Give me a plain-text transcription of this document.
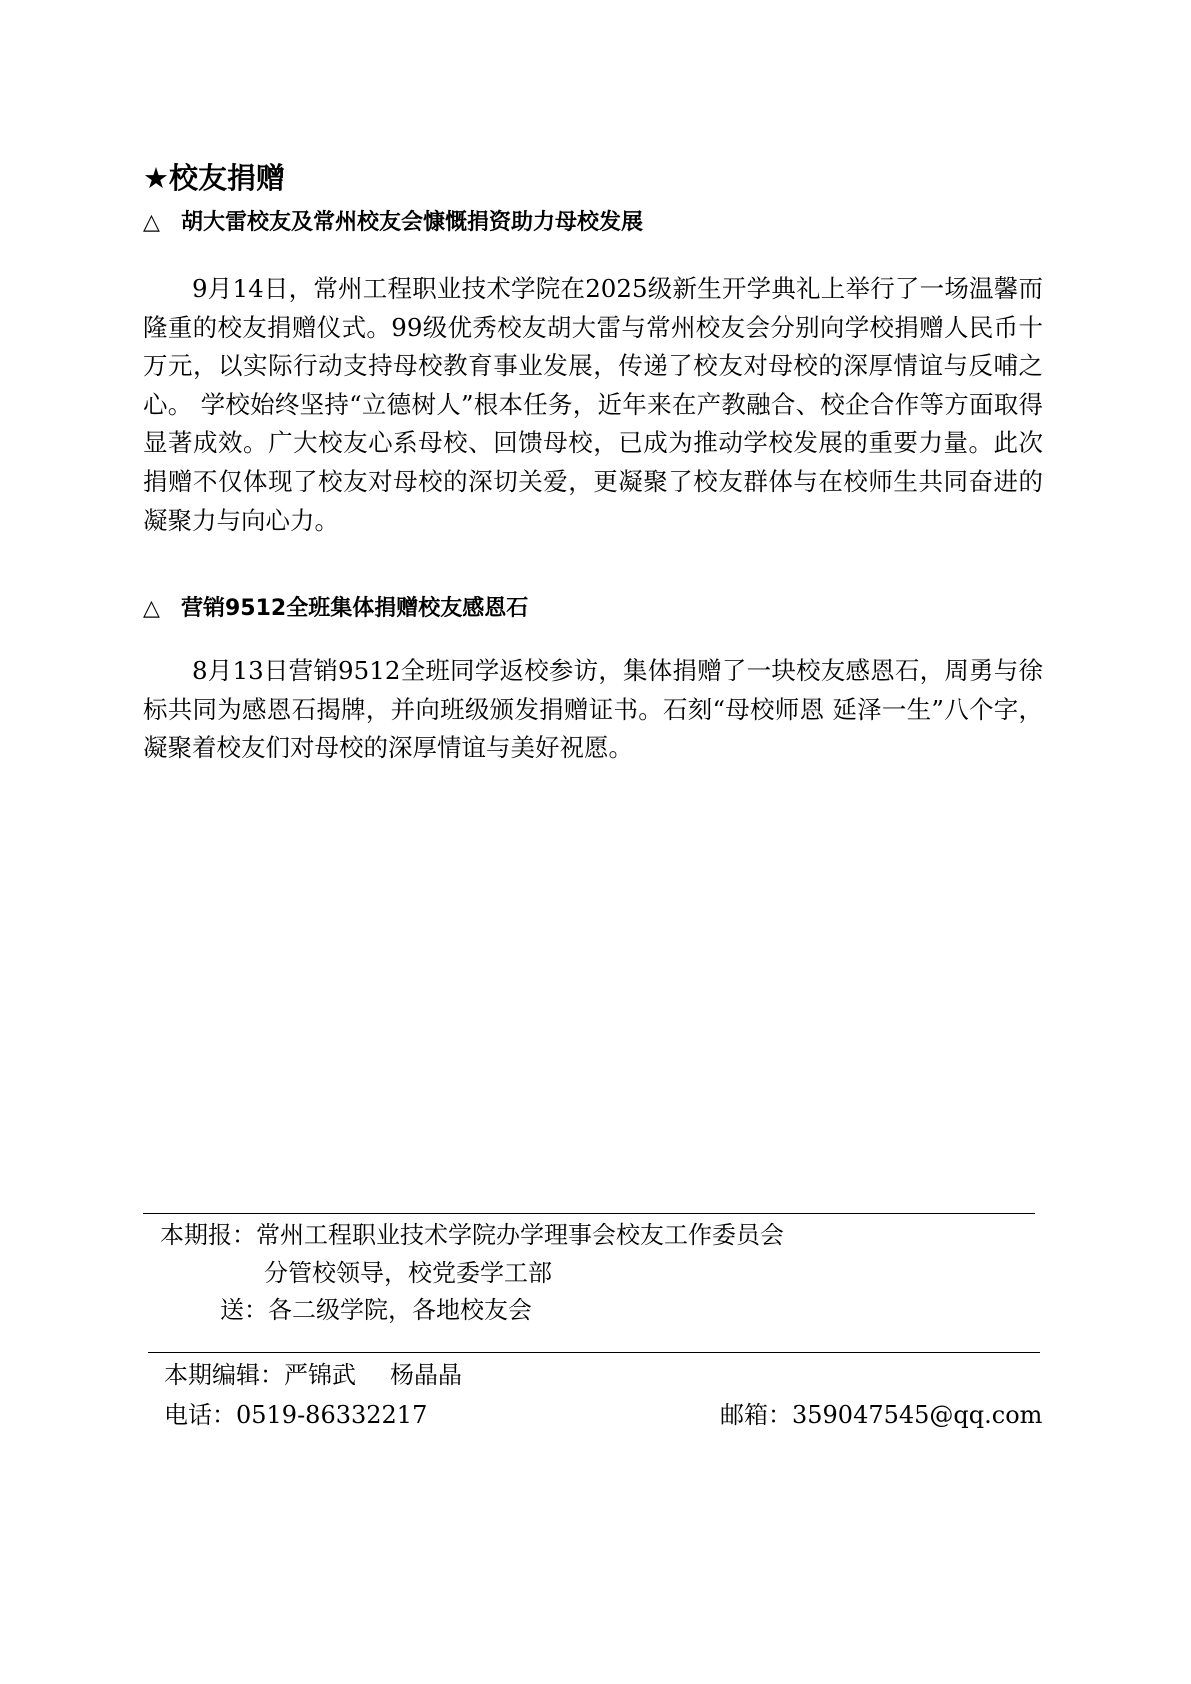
★校友捐赠
△ 胡大雷校友及常州校友会慷慨捐资助力母校发展

9月14日，常州工程职业技术学院在2025级新生开学典礼上举行了一场温馨而隆重的校友捐赠仪式。99级优秀校友胡大雷与常州校友会分别向学校捐赠人民币十万元，以实际行动支持母校教育事业发展，传递了校友对母校的深厚情谊与反哺之心。 学校始终坚持“立德树人”根本任务，近年来在产教融合、校企合作等方面取得显著成效。广大校友心系母校、回馈母校，已成为推动学校发展的重要力量。此次捐赠不仅体现了校友对母校的深切关爱，更凝聚了校友群体与在校师生共同奋进的凝聚力与向心力。

△ 营销9512全班集体捐赠校友感恩石

8月13日营销9512全班同学返校参访，集体捐赠了一块校友感恩石，周勇与徐标共同为感恩石揭牌，并向班级颁发捐赠证书。石刻“母校师恩 延泽一生”八个字，凝聚着校友们对母校的深厚情谊与美好祝愿。

本期报：常州工程职业技术学院办学理事会校友工作委员会
分管校领导，校党委学工部
送：各二级学院，各地校友会
本期编辑：严锦武 杨晶晶
电话：0519-86332217	邮箱：359047545@qq.com
